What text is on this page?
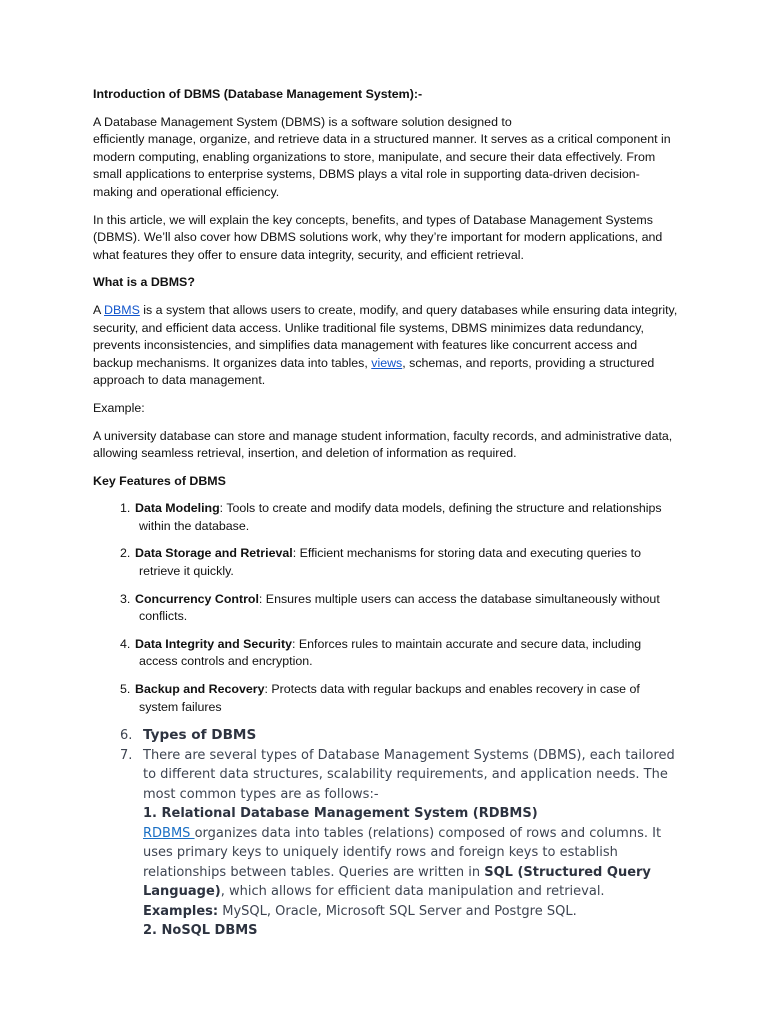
Introduction of DBMS (Database Management System):-

A Database Management System (DBMS) is a software solution designed to
efficiently manage, organize, and retrieve data in a structured manner. It serves as a critical component in modern computing, enabling organizations to store, manipulate, and secure their data effectively. From small applications to enterprise systems, DBMS plays a vital role in supporting data-driven decision-making and operational efficiency.

In this article, we will explain the key concepts, benefits, and types of Database Management Systems (DBMS). We’ll also cover how DBMS solutions work, why they’re important for modern applications, and what features they offer to ensure data integrity, security, and efficient retrieval.

What is a DBMS?

A DBMS is a system that allows users to create, modify, and query databases while ensuring data integrity, security, and efficient data access. Unlike traditional file systems, DBMS minimizes data redundancy, prevents inconsistencies, and simplifies data management with features like concurrent access and backup mechanisms. It organizes data into tables, views, schemas, and reports, providing a structured approach to data management.

Example:

A university database can store and manage student information, faculty records, and administrative data, allowing seamless retrieval, insertion, and deletion of information as required.

Key Features of DBMS

1. Data Modeling: Tools to create and modify data models, defining the structure and relationships within the database.
2. Data Storage and Retrieval: Efficient mechanisms for storing data and executing queries to retrieve it quickly.
3. Concurrency Control: Ensures multiple users can access the database simultaneously without conflicts.
4. Data Integrity and Security: Enforces rules to maintain accurate and secure data, including access controls and encryption.
5. Backup and Recovery: Protects data with regular backups and enables recovery in case of system failures
6. Types of DBMS
7. There are several types of Database Management Systems (DBMS), each tailored to different data structures, scalability requirements, and application needs. The most common types are as follows:-

1. Relational Database Management System (RDBMS)

RDBMS organizes data into tables (relations) composed of rows and columns. It uses primary keys to uniquely identify rows and foreign keys to establish relationships between tables. Queries are written in SQL (Structured Query Language), which allows for efficient data manipulation and retrieval.

Examples: MySQL, Oracle, Microsoft SQL Server and Postgre SQL.

2. NoSQL DBMS
